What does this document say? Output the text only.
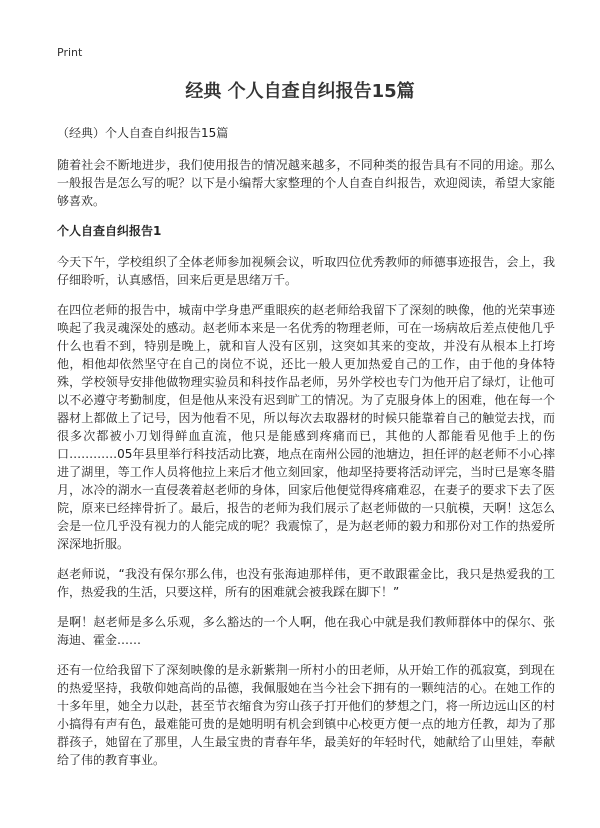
Print
经典 个人自查自纠报告15篇

（经典）个人自查自纠报告15篇

随着社会不断地进步，我们使用报告的情况越来越多，不同种类的报告具有不同的用途。那么一般报告是怎么写的呢？以下是小编帮大家整理的个人自查自纠报告，欢迎阅读，希望大家能够喜欢。

个人自查自纠报告1

今天下午，学校组织了全体老师参加视频会议，听取四位优秀教师的师德事迹报告，会上，我仔细聆听，认真感悟，回来后更是思绪万千。

在四位老师的报告中，城南中学身患严重眼疾的赵老师给我留下了深刻的映像，他的光荣事迹唤起了我灵魂深处的感动。赵老师本来是一名优秀的物理老师，可在一场病故后差点使他几乎什么也看不到，特别是晚上，就和盲人没有区别，这突如其来的变故，并没有从根本上打垮他，相他却依然坚守在自己的岗位不说，还比一般人更加热爱自己的工作，由于他的身体特殊，学校领导安排他做物理实验员和科技作品老师，另外学校也专门为他开启了绿灯，让他可以不必遵守考勤制度，但是他从来没有迟到旷工的情况。为了克服身体上的困难，他在每一个器材上都做上了记号，因为他看不见，所以每次去取器材的时候只能靠着自己的触觉去找，而很多次都被小刀划得鲜血直流，他只是能感到疼痛而已，其他的人都能看见他手上的伤口…………05年县里举行科技活动比赛，地点在南州公园的池塘边，担任评的赵老师不小心摔进了湖里，等工作人员将他拉上来后才他立刻回家，他却坚持要将活动评完，当时已是寒冬腊月，冰冷的湖水一直侵袭着赵老师的身体，回家后他便觉得疼痛难忍，在妻子的要求下去了医院，原来已经摔骨折了。最后，报告的老师为我们展示了赵老师做的一只航模，天啊！这怎么会是一位几乎没有视力的人能完成的呢？我震惊了，是为赵老师的毅力和那份对工作的热爱所深深地折服。

赵老师说，“我没有保尔那么伟，也没有张海迪那样伟，更不敢跟霍金比，我只是热爱我的工作，热爱我的生活，只要这样，所有的困难就会被我踩在脚下！”

是啊！赵老师是多么乐观，多么豁达的一个人啊，他在我心中就是我们教师群体中的保尔、张海迪、霍金……

还有一位给我留下了深刻映像的是永新紫荆一所村小的田老师，从开始工作的孤寂寞，到现在的热爱坚持，我敬仰她高尚的品德，我佩服她在当今社会下拥有的一颗纯洁的心。在她工作的十多年里，她全力以赴，甚至节衣缩食为穷山孩子打开他们的梦想之门，将一所边远山区的村小搞得有声有色，最难能可贵的是她明明有机会到镇中心校更方便一点的地方任教，却为了那群孩子，她留在了那里，人生最宝贵的青春年华，最美好的年轻时代，她献给了山里娃，奉献给了伟的教育事业。
